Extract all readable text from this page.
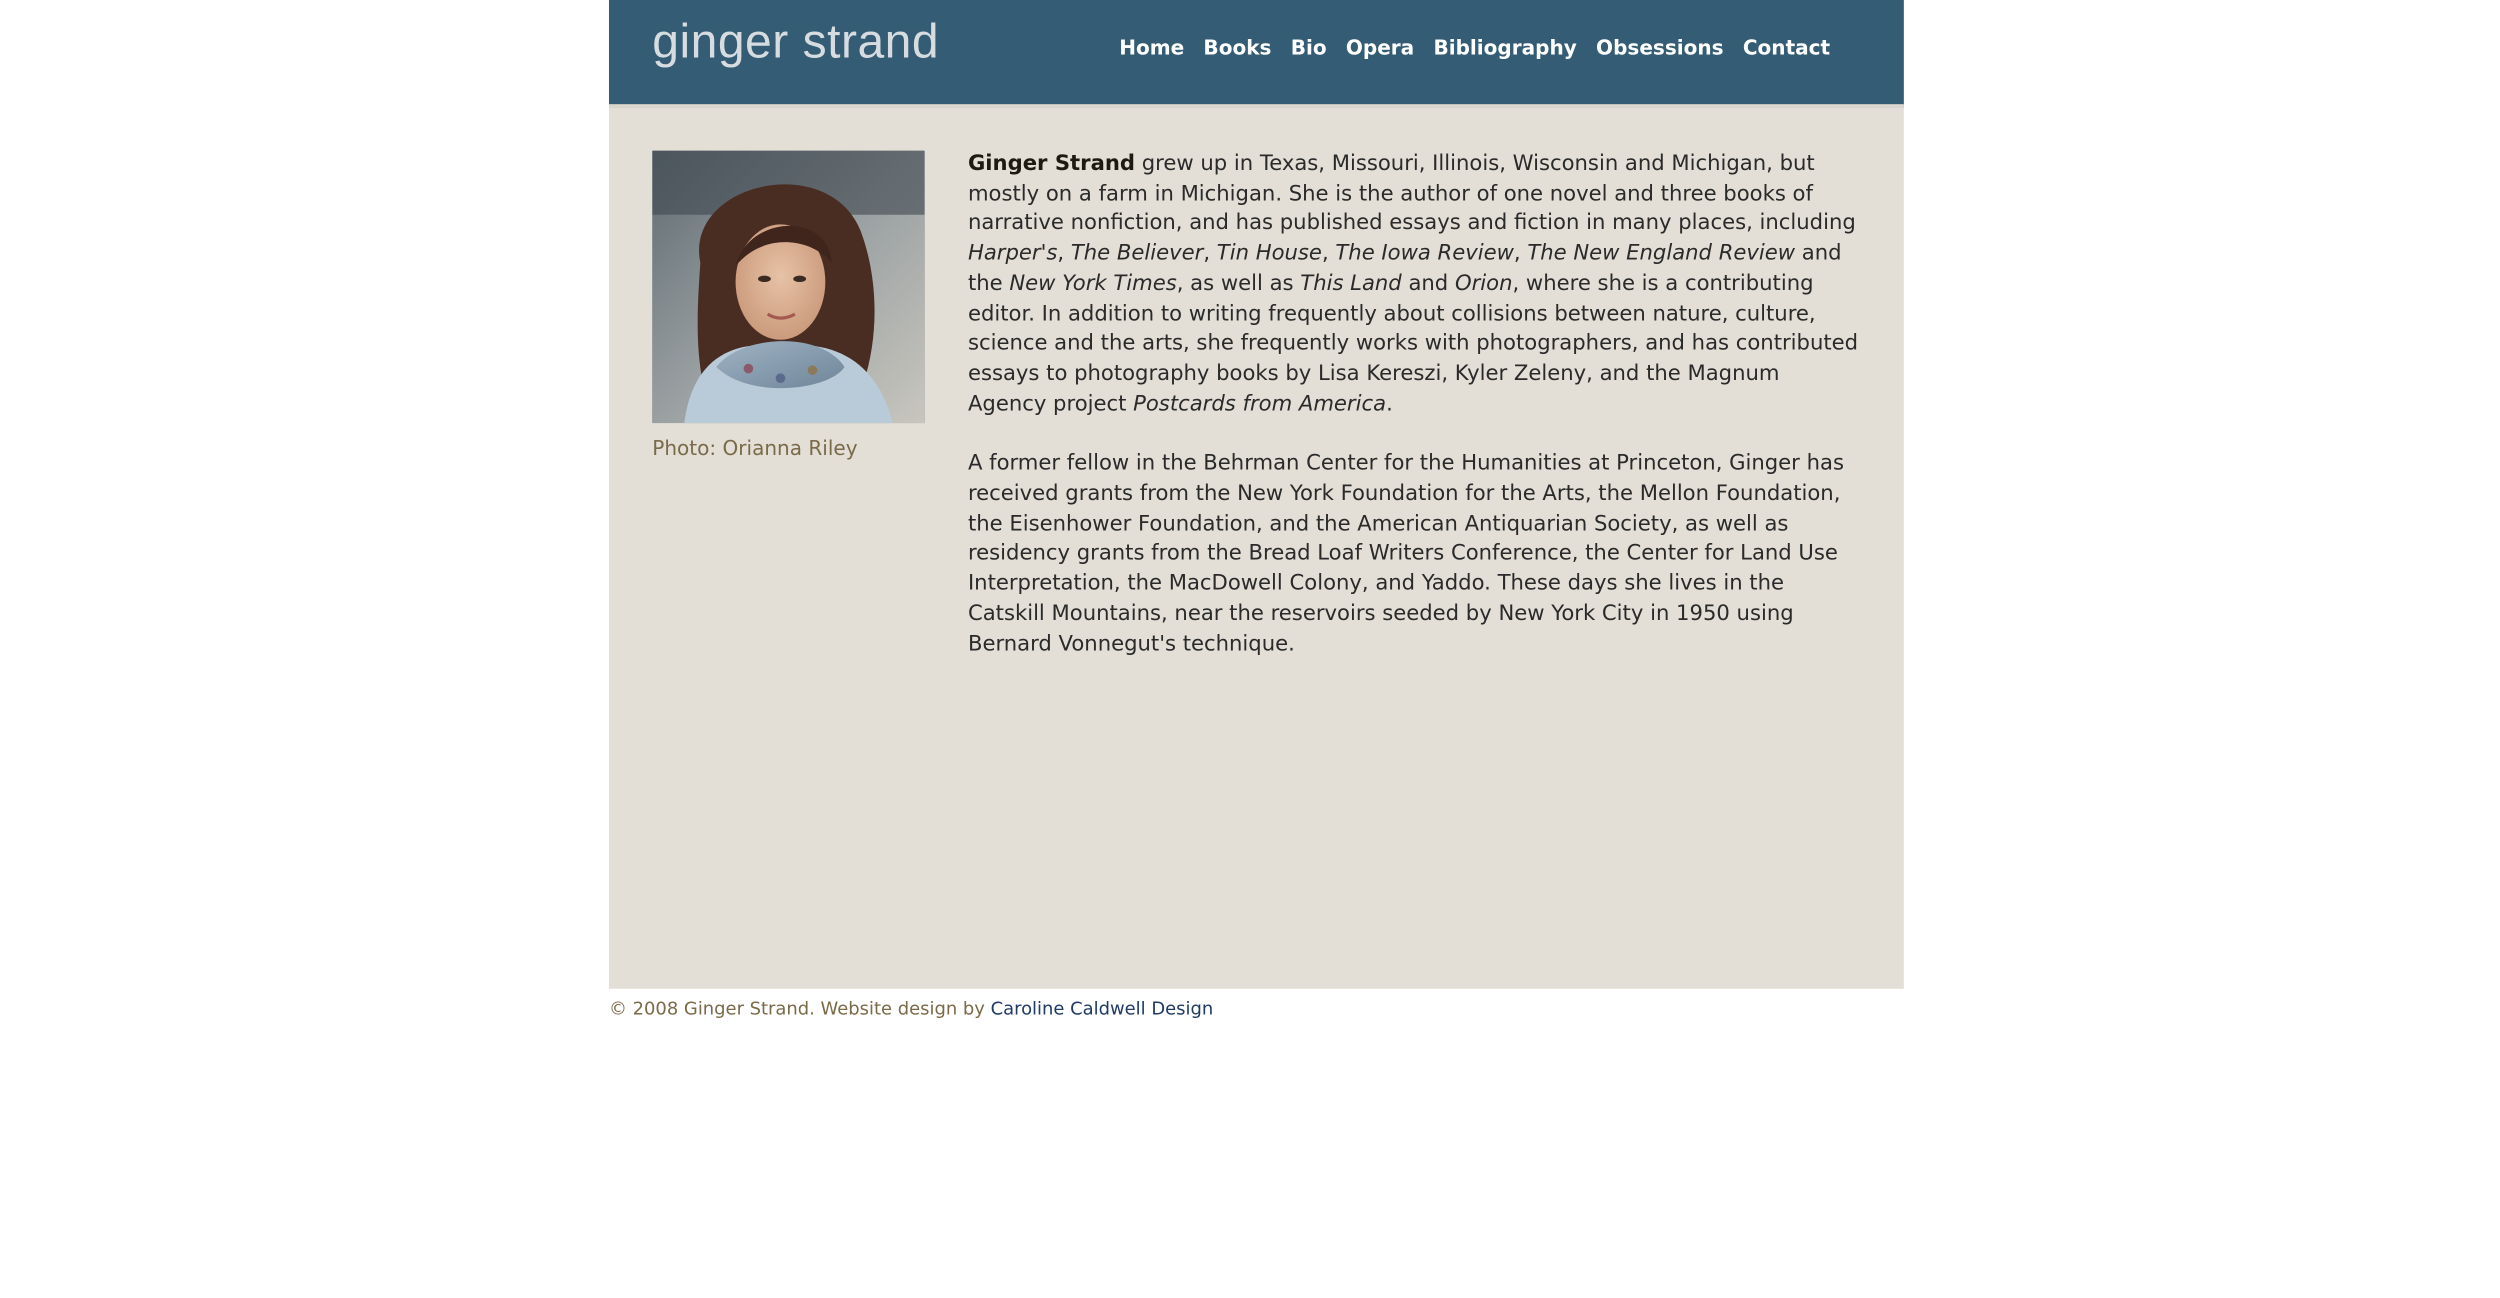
ginger strand	Home Books Bio Opera Bibliography Obsessions Contact
Photo: Orianna Riley

Ginger Strand grew up in Texas, Missouri, Illinois, Wisconsin and Michigan, but mostly on a farm in Michigan. She is the author of one novel and three books of narrative nonfiction, and has published essays and fiction in many places, including Harper's, The Believer, Tin House, The Iowa Review, The New England Review and the New York Times, as well as This Land and Orion, where she is a contributing editor. In addition to writing frequently about collisions between nature, culture, science and the arts, she frequently works with photographers, and has contributed essays to photography books by Lisa Kereszi, Kyler Zeleny, and the Magnum Agency project Postcards from America.

A former fellow in the Behrman Center for the Humanities at Princeton, Ginger has received grants from the New York Foundation for the Arts, the Mellon Foundation, the Eisenhower Foundation, and the American Antiquarian Society, as well as residency grants from the Bread Loaf Writers Conference, the Center for Land Use Interpretation, the MacDowell Colony, and Yaddo. These days she lives in the Catskill Mountains, near the reservoirs seeded by New York City in 1950 using Bernard Vonnegut's technique.

© 2008 Ginger Strand. Website design by Caroline Caldwell Design
